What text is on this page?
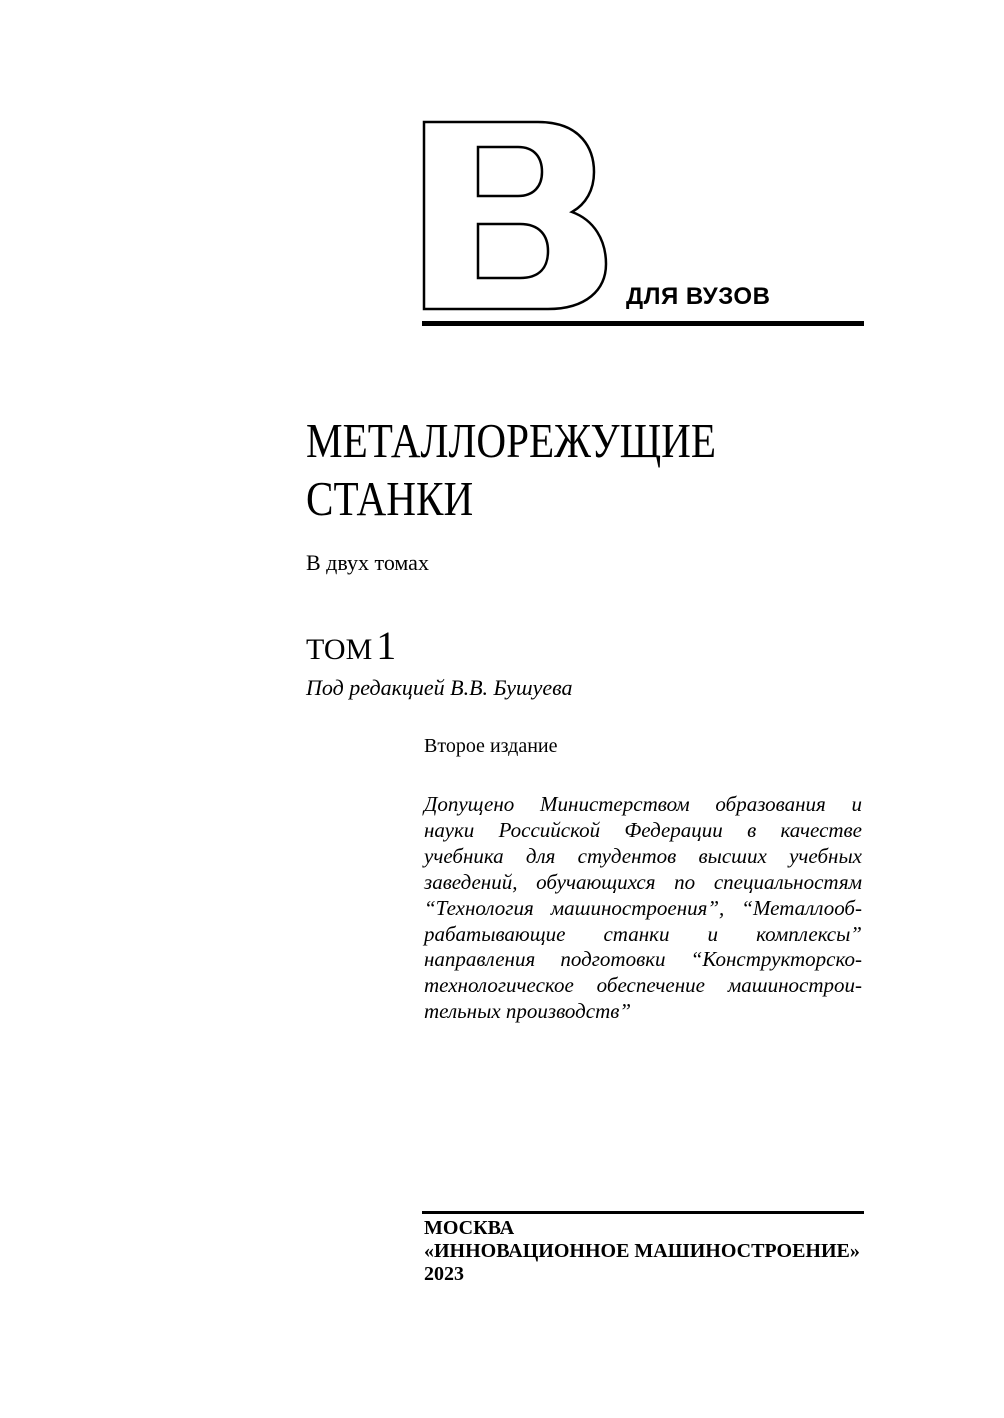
ДЛЯ ВУЗОВ
МЕТАЛЛОРЕЖУЩИЕ
СТАНКИ
В двух томах
ТОМ 1
Под редакцией В.В. Бушуева
Второе издание
Допущено Министерством образования и
науки Российской Федерации в качестве
учебника для студентов высших учебных
заведений, обучающихся по специальностям
“Технология машиностроения”, “Металлооб-
рабатывающие станки и комплексы”
направления подготовки “Конструкторско-
технологическое обеспечение машинострои-
тельных производств”
МОСКВА
«ИННОВАЦИОННОЕ МАШИНОСТРОЕНИЕ»
2023
